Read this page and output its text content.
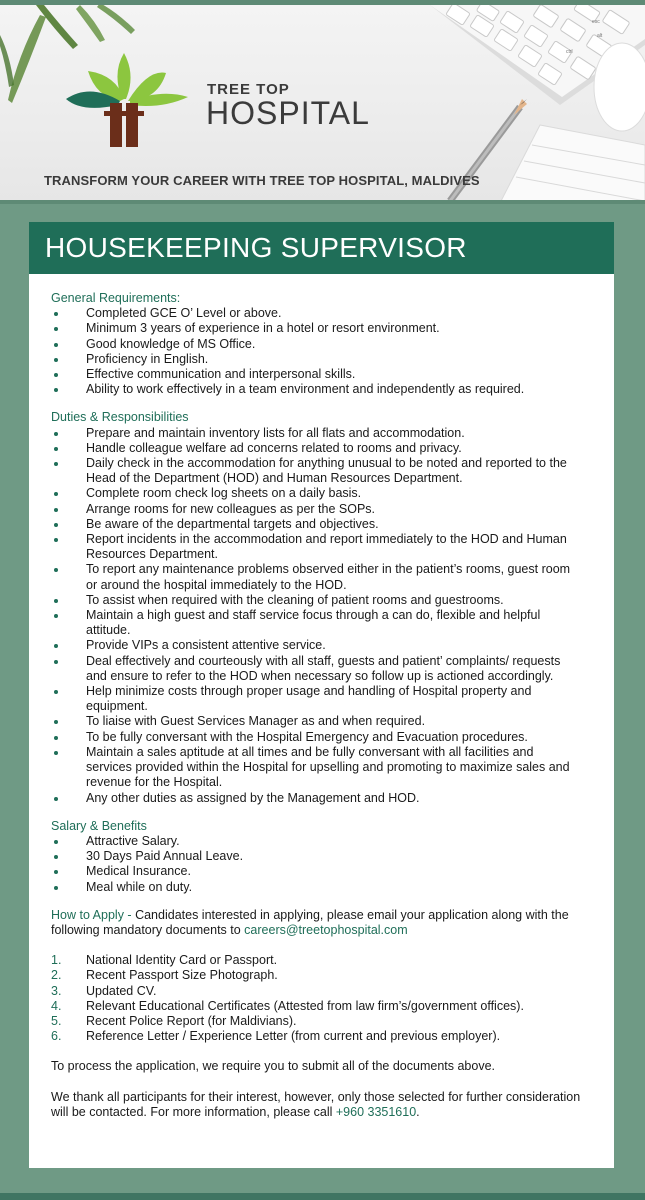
esc
alt
ctrl
TREE TOP
HOSPITAL
TRANSFORM YOUR CAREER WITH TREE TOP HOSPITAL, MALDIVES
HOUSEKEEPING SUPERVISOR

General Requirements:

Completed GCE O’ Level or above.
Minimum 3 years of experience in a hotel or resort environment.
Good knowledge of MS Office.
Proficiency in English.
Effective communication and interpersonal skills.
Ability to work effectively in a team environment and independently as required.

Duties & Responsibilities

Prepare and maintain inventory lists for all flats and accommodation.
Handle colleague welfare ad concerns related to rooms and privacy.
Daily check in the accommodation for anything unusual to be noted and reported to the Head of the Department (HOD) and Human Resources Department.
Complete room check log sheets on a daily basis.
Arrange rooms for new colleagues as per the SOPs.
Be aware of the departmental targets and objectives.
Report incidents in the accommodation and report immediately to the HOD and Human Resources Department.
To report any maintenance problems observed either in the patient’s rooms, guest room or around the hospital immediately to the HOD.
To assist when required with the cleaning of patient rooms and guestrooms.
Maintain a high guest and staff service focus through a can do, flexible and helpful attitude.
Provide VIPs a consistent attentive service.
Deal effectively and courteously with all staff, guests and patient’ complaints/ requests and ensure to refer to the HOD when necessary so follow up is actioned accordingly.
Help minimize costs through proper usage and handling of Hospital property and equipment.
To liaise with Guest Services Manager as and when required.
To be fully conversant with the Hospital Emergency and Evacuation procedures.
Maintain a sales aptitude at all times and be fully conversant with all facilities and services provided within the Hospital for upselling and promoting to maximize sales and revenue for the Hospital.
Any other duties as assigned by the Management and HOD.

Salary & Benefits

Attractive Salary.
30 Days Paid Annual Leave.
Medical Insurance.
Meal while on duty.

How to Apply - Candidates interested in applying, please email your application along with the following mandatory documents to careers@treetophospital.com

1. National Identity Card or Passport.
2. Recent Passport Size Photograph.
3. Updated CV.
4. Relevant Educational Certificates (Attested from law firm’s/government offices).
5. Recent Police Report (for Maldivians).
6. Reference Letter / Experience Letter (from current and previous employer).

To process the application, we require you to submit all of the documents above.

We thank all participants for their interest, however, only those selected for further consideration will be contacted. For more information, please call +960 3351610.
